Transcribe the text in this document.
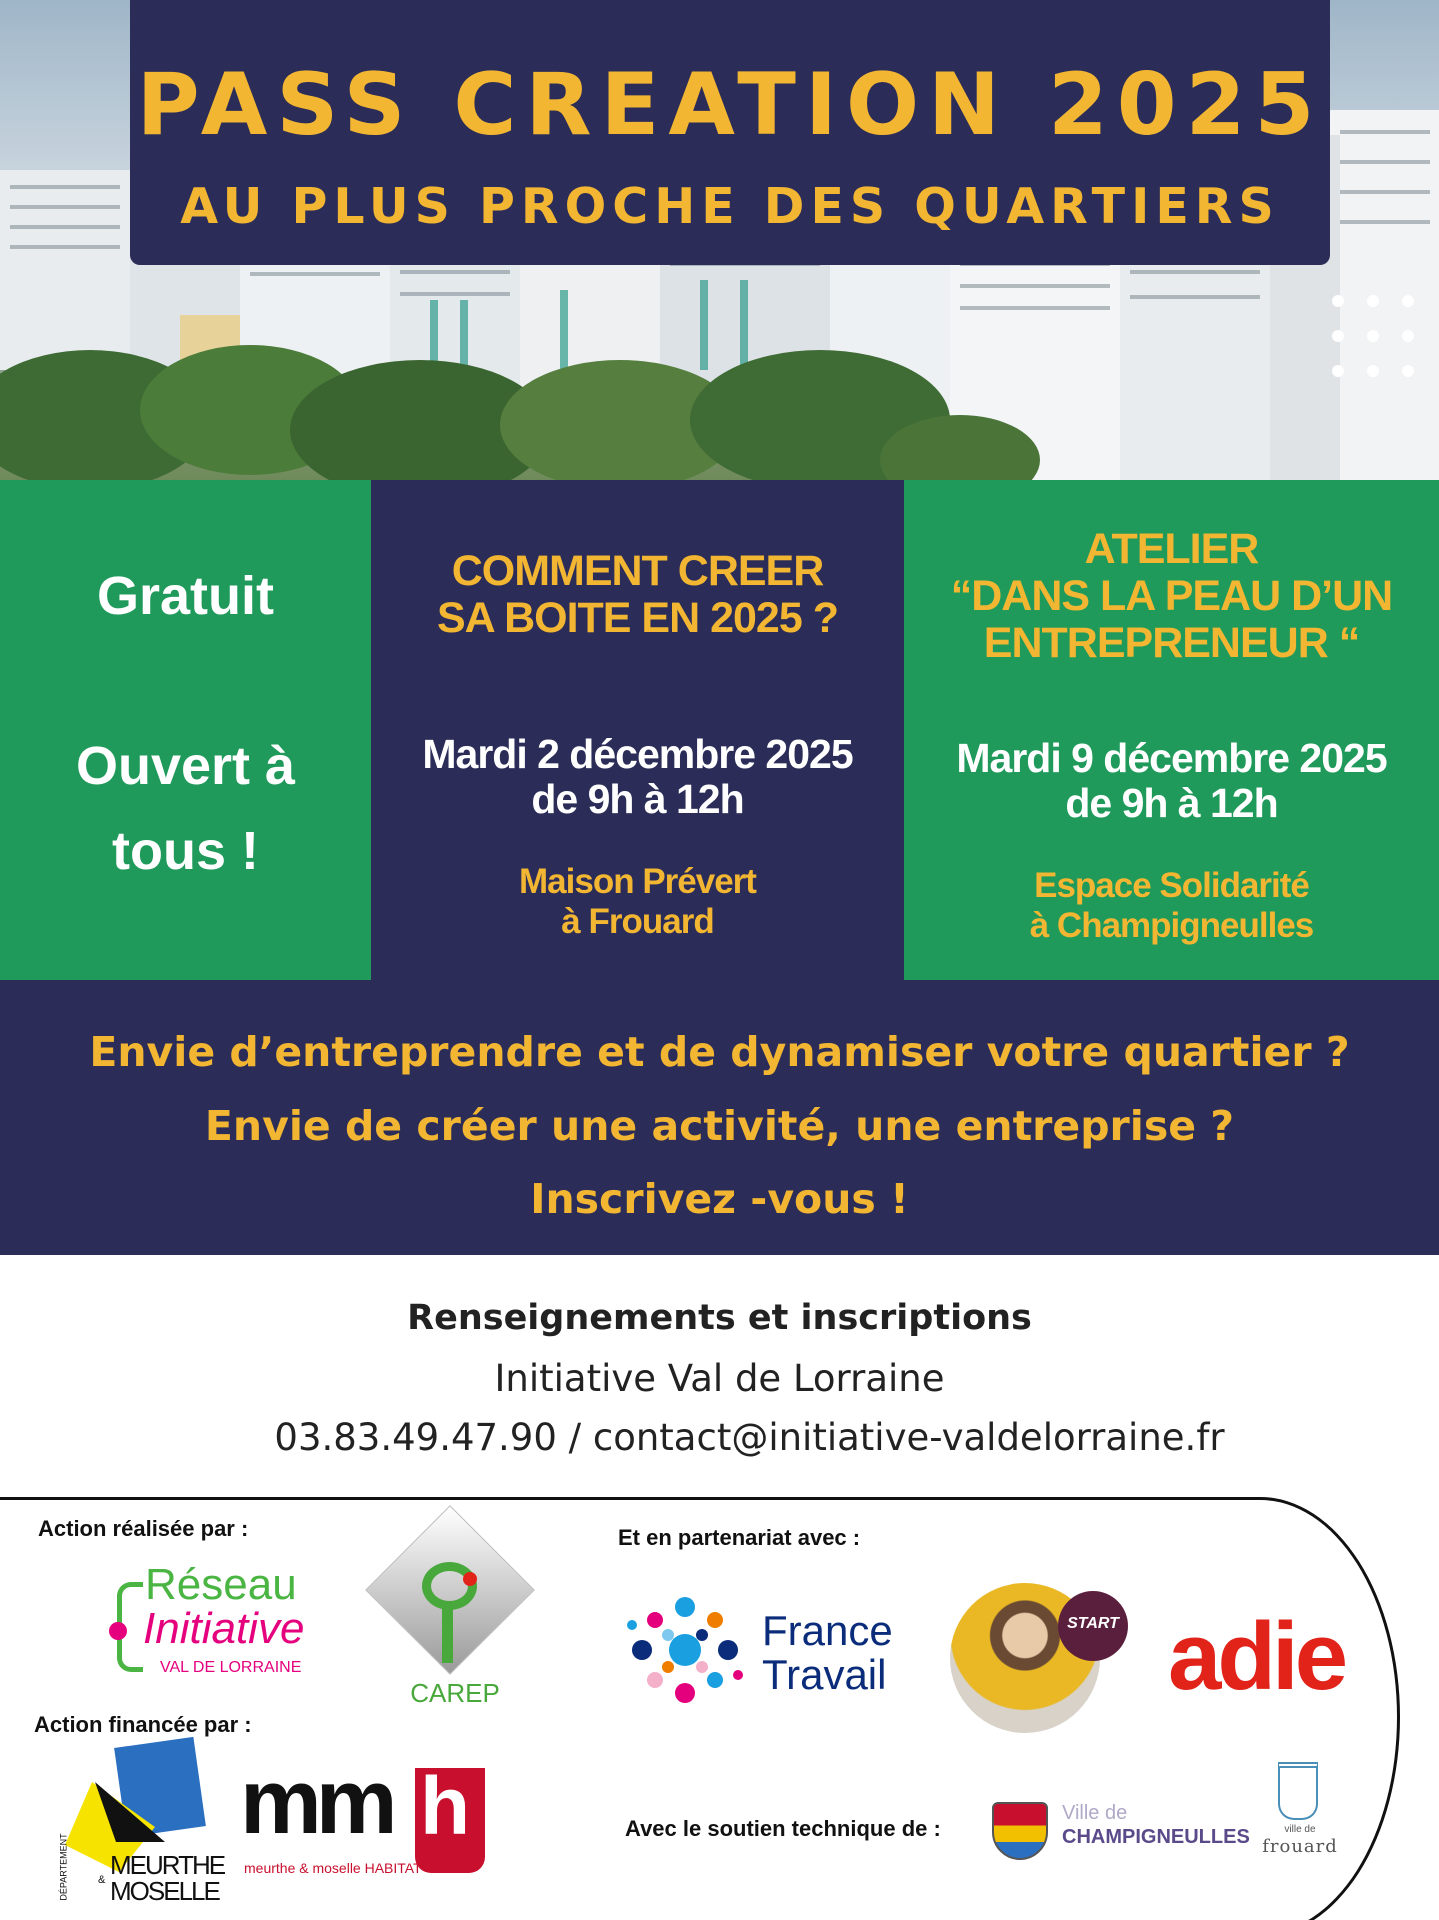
PASS CREATION 2025
AU PLUS PROCHE DES QUARTIERS
Gratuit
Ouvert à
tous !
COMMENT CREER
SA BOITE EN 2025 ?
Mardi 2 décembre 2025
de 9h à 12h
Maison Prévert
à Frouard
ATELIER
“DANS LA PEAU D’UN
ENTREPRENEUR “
Mardi 9 décembre 2025
de 9h à 12h
Espace Solidarité
à Champigneulles
Envie d’entreprendre et de dynamiser votre quartier ?
Envie de créer une activité, une entreprise ?
Inscrivez -vous !
Renseignements et inscriptions
Initiative Val de Lorraine
03.83.49.47.90 / contact@initiative-valdelorraine.fr
Action réalisée par :
Action financée par :
Et en partenariat avec :
Avec le soutien technique de :
Réseau
Initiative
VAL DE LORRAINE
CAREP
DÉPARTEMENT MEURTHE
& MOSELLE
mm h
meurthe & moselle HABITAT
France
Travail
START adie
Ville de
CHAMPIGNEULLES	ville de
frouard
